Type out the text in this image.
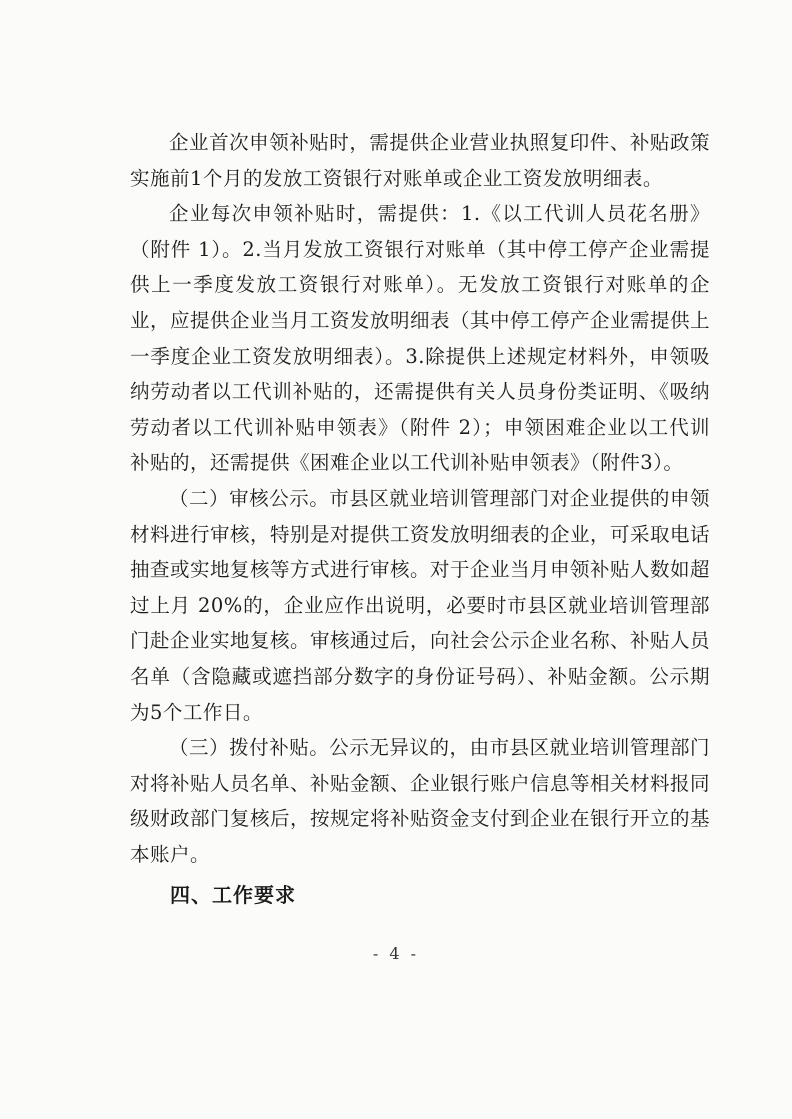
企业首次申领补贴时，需提供企业营业执照复印件、补贴政策实施前1个月的发放工资银行对账单或企业工资发放明细表。

企业每次申领补贴时，需提供：1.《以工代训人员花名册》（附件 1）。2.当月发放工资银行对账单（其中停工停产企业需提供上一季度发放工资银行对账单）。无发放工资银行对账单的企业，应提供企业当月工资发放明细表（其中停工停产企业需提供上一季度企业工资发放明细表）。3.除提供上述规定材料外，申领吸纳劳动者以工代训补贴的，还需提供有关人员身份类证明、《吸纳劳动者以工代训补贴申领表》（附件 2）；申领困难企业以工代训补贴的，还需提供《困难企业以工代训补贴申领表》（附件3）。

（二）审核公示。市县区就业培训管理部门对企业提供的申领材料进行审核，特别是对提供工资发放明细表的企业，可采取电话抽查或实地复核等方式进行审核。对于企业当月申领补贴人数如超过上月 20%的，企业应作出说明，必要时市县区就业培训管理部门赴企业实地复核。审核通过后，向社会公示企业名称、补贴人员名单（含隐藏或遮挡部分数字的身份证号码）、补贴金额。公示期为5个工作日。

（三）拨付补贴。公示无异议的，由市县区就业培训管理部门对将补贴人员名单、补贴金额、企业银行账户信息等相关材料报同级财政部门复核后，按规定将补贴资金支付到企业在银行开立的基本账户。

四、工作要求

- 4 -
